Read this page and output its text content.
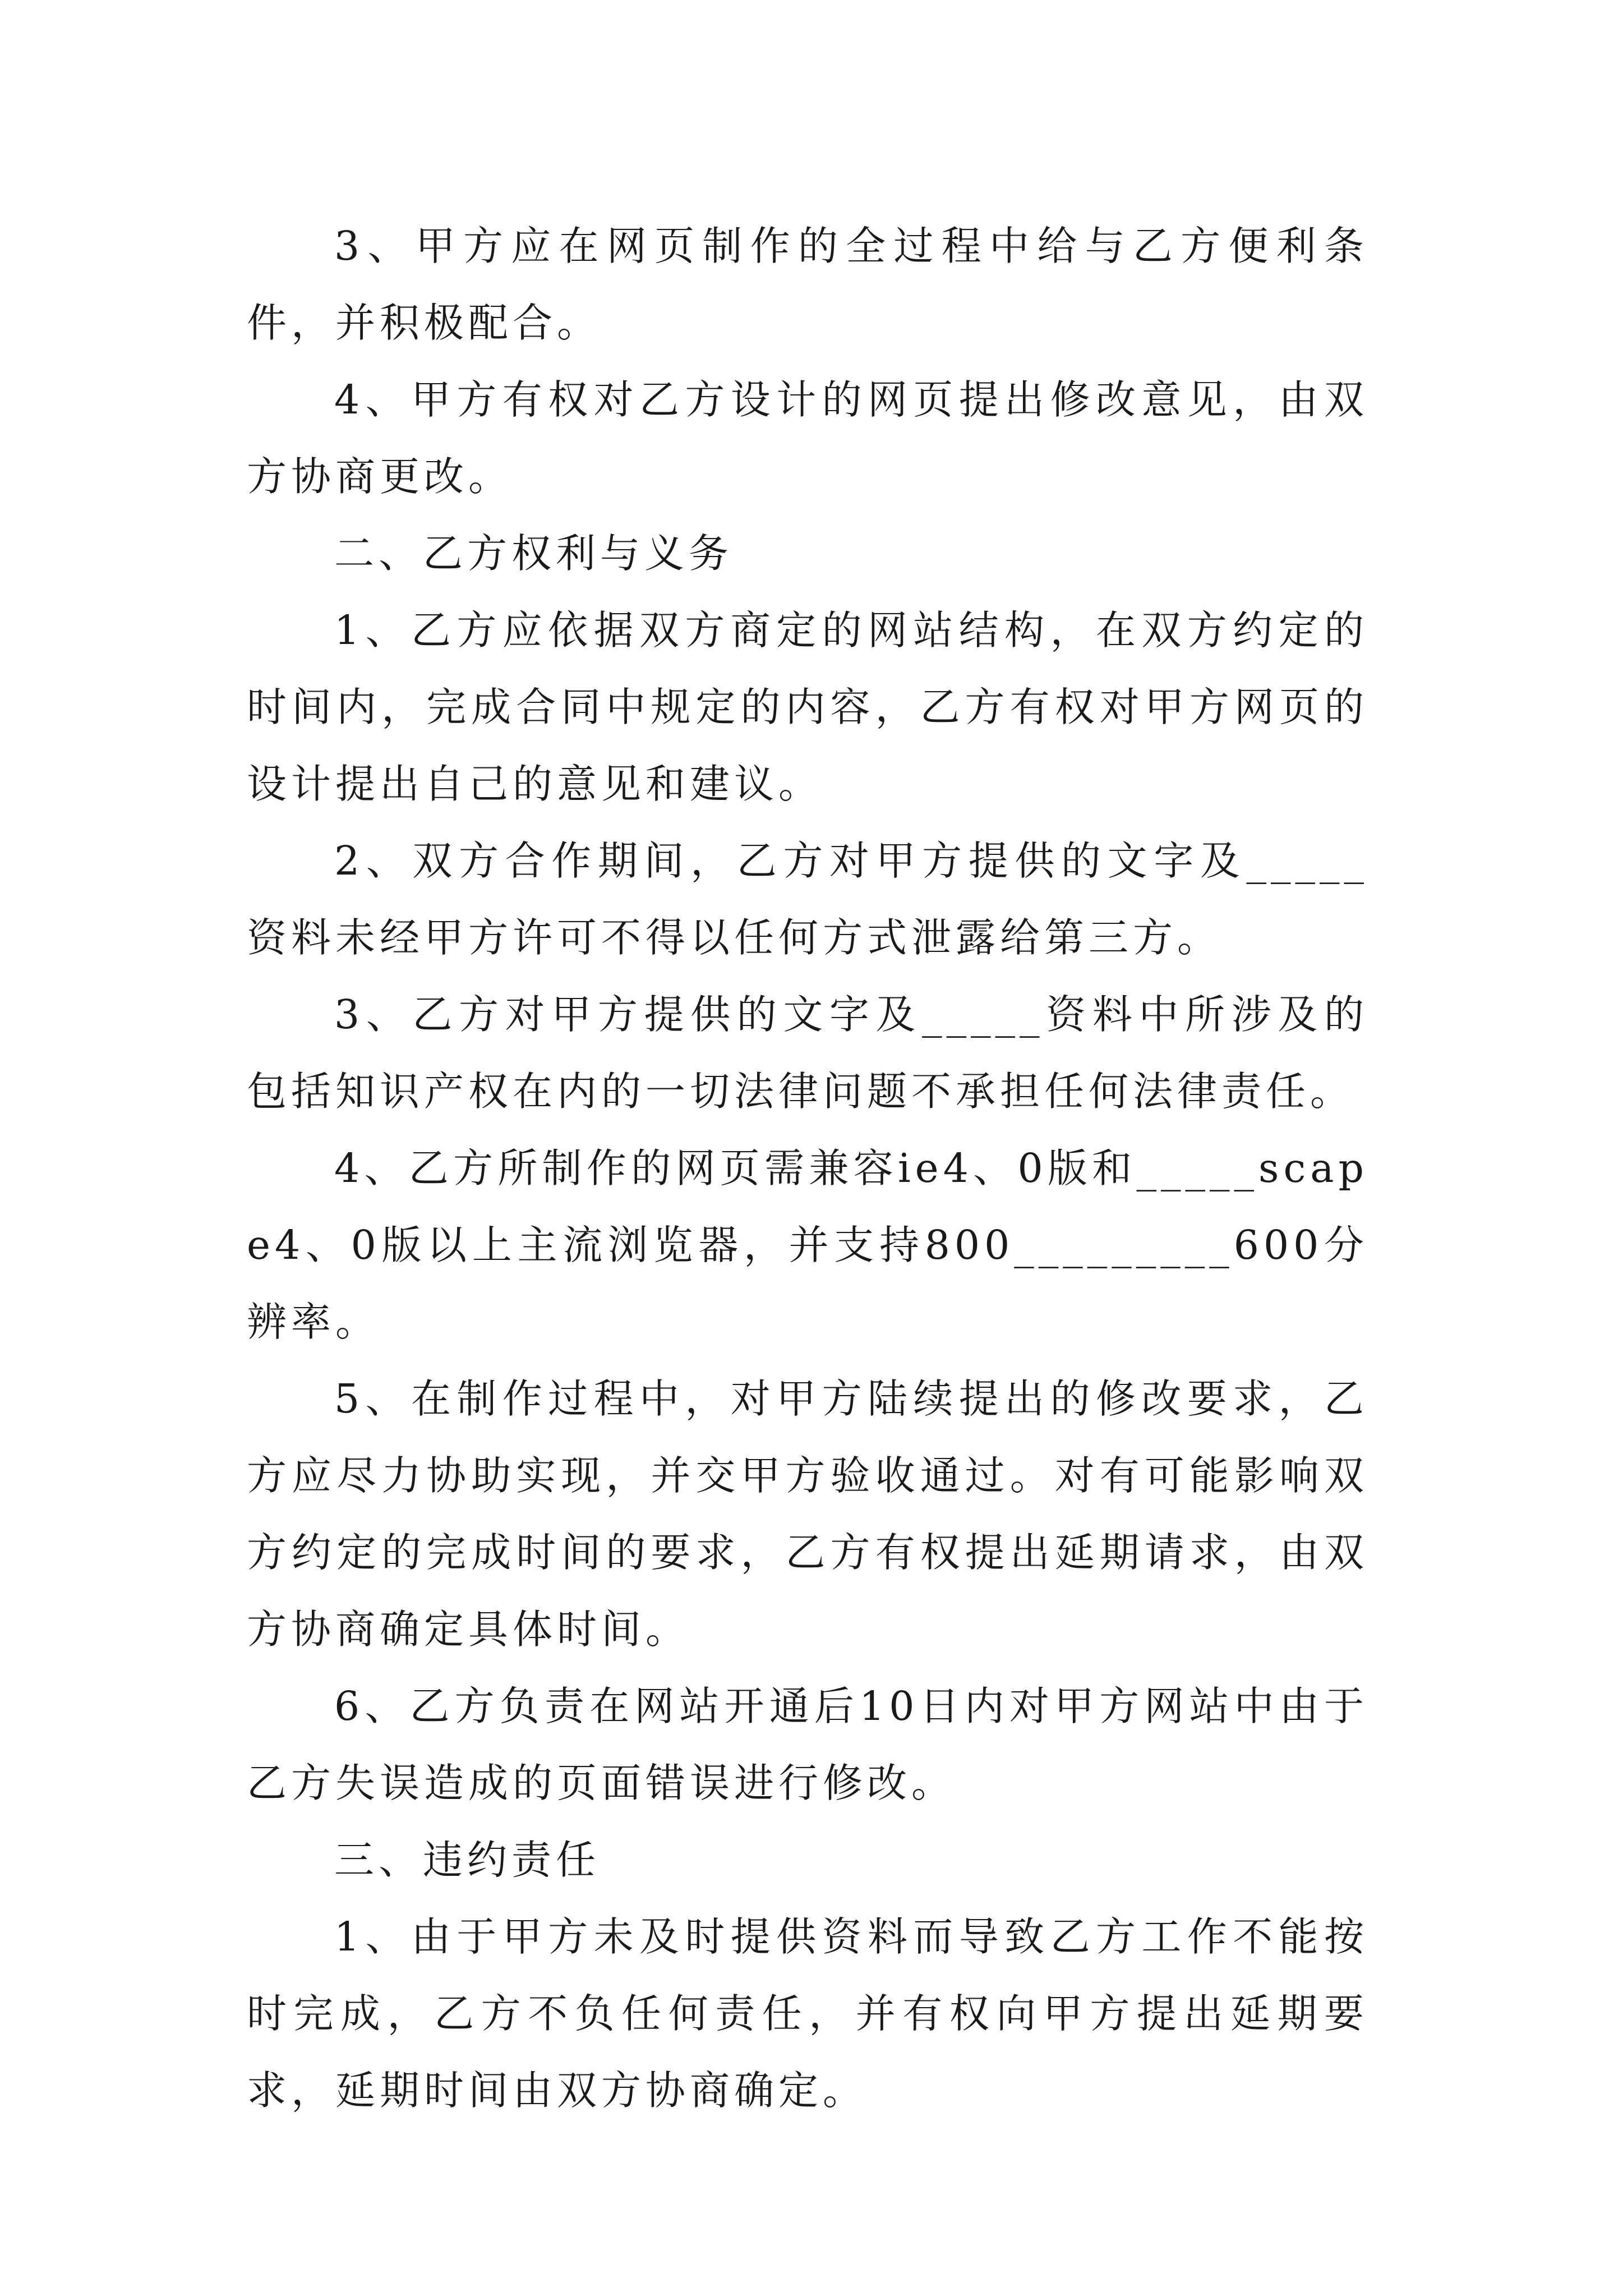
3、甲方应在网页制作的全过程中给与乙方便利条件，并积极配合。

4、甲方有权对乙方设计的网页提出修改意见，由双方协商更改。

二、乙方权利与义务

1、乙方应依据双方商定的网站结构，在双方约定的时间内，完成合同中规定的内容，乙方有权对甲方网页的设计提出自己的意见和建议。

2、双方合作期间，乙方对甲方提供的文字及_____资料未经甲方许可不得以任何方式泄露给第三方。

3、乙方对甲方提供的文字及_____资料中所涉及的包括知识产权在内的一切法律问题不承担任何法律责任。

4、乙方所制作的网页需兼容ie4、0版和_____scape4、0版以上主流浏览器，并支持800_________600分辨率。

5、在制作过程中，对甲方陆续提出的修改要求，乙方应尽力协助实现，并交甲方验收通过。对有可能影响双方约定的完成时间的要求，乙方有权提出延期请求，由双方协商确定具体时间。

6、乙方负责在网站开通后10日内对甲方网站中由于乙方失误造成的页面错误进行修改。

三、违约责任

1、由于甲方未及时提供资料而导致乙方工作不能按时完成，乙方不负任何责任，并有权向甲方提出延期要求，延期时间由双方协商确定。
